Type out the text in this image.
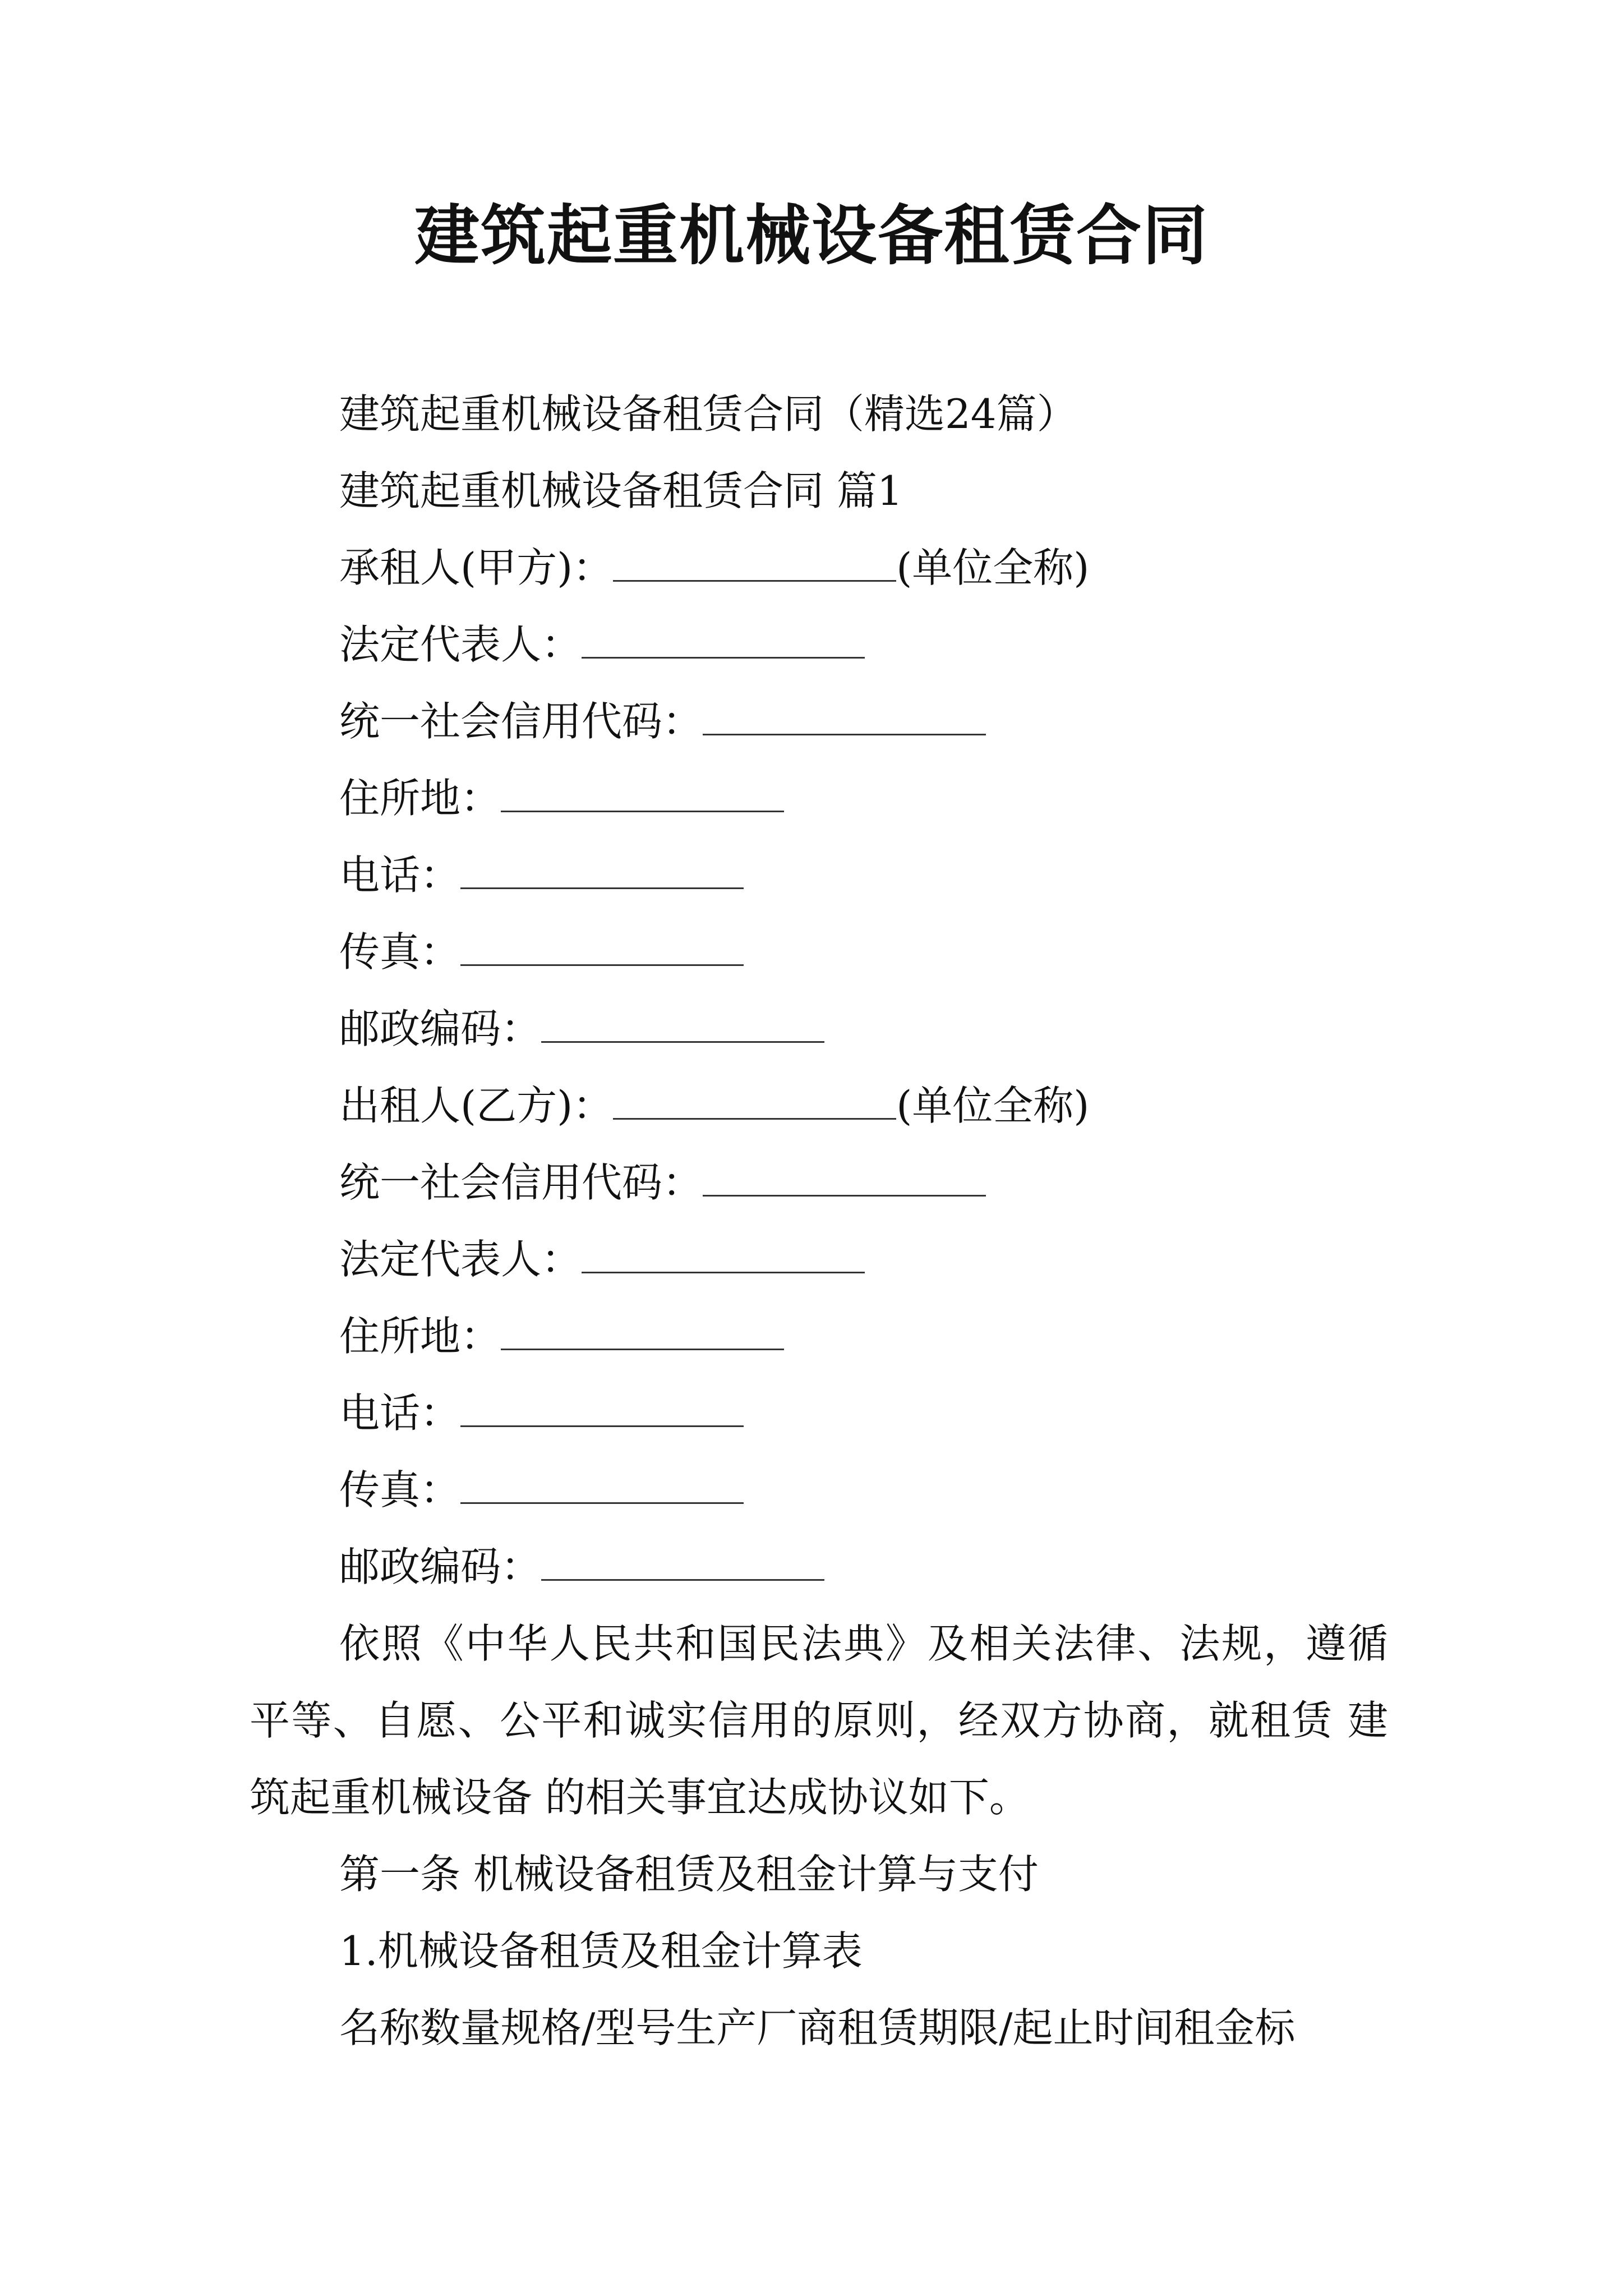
建筑起重机械设备租赁合同
建筑起重机械设备租赁合同（精选24篇）
建筑起重机械设备租赁合同 篇1
承租人(甲方)：	(单位全称)
法定代表人：
统一社会信用代码：
住所地：
电话：
传真：
邮政编码：
出租人(乙方)：	(单位全称)
统一社会信用代码：
法定代表人：
住所地：
电话：
传真：
邮政编码：

依照《中华人民共和国民法典》及相关法律、法规，遵循平等、自愿、公平和诚实信用的原则，经双方协商，就租赁 建筑起重机械设备 的相关事宜达成协议如下。

第一条 机械设备租赁及租金计算与支付
1.机械设备租赁及租金计算表
名称数量规格/型号生产厂商租赁期限/起止时间租金标
